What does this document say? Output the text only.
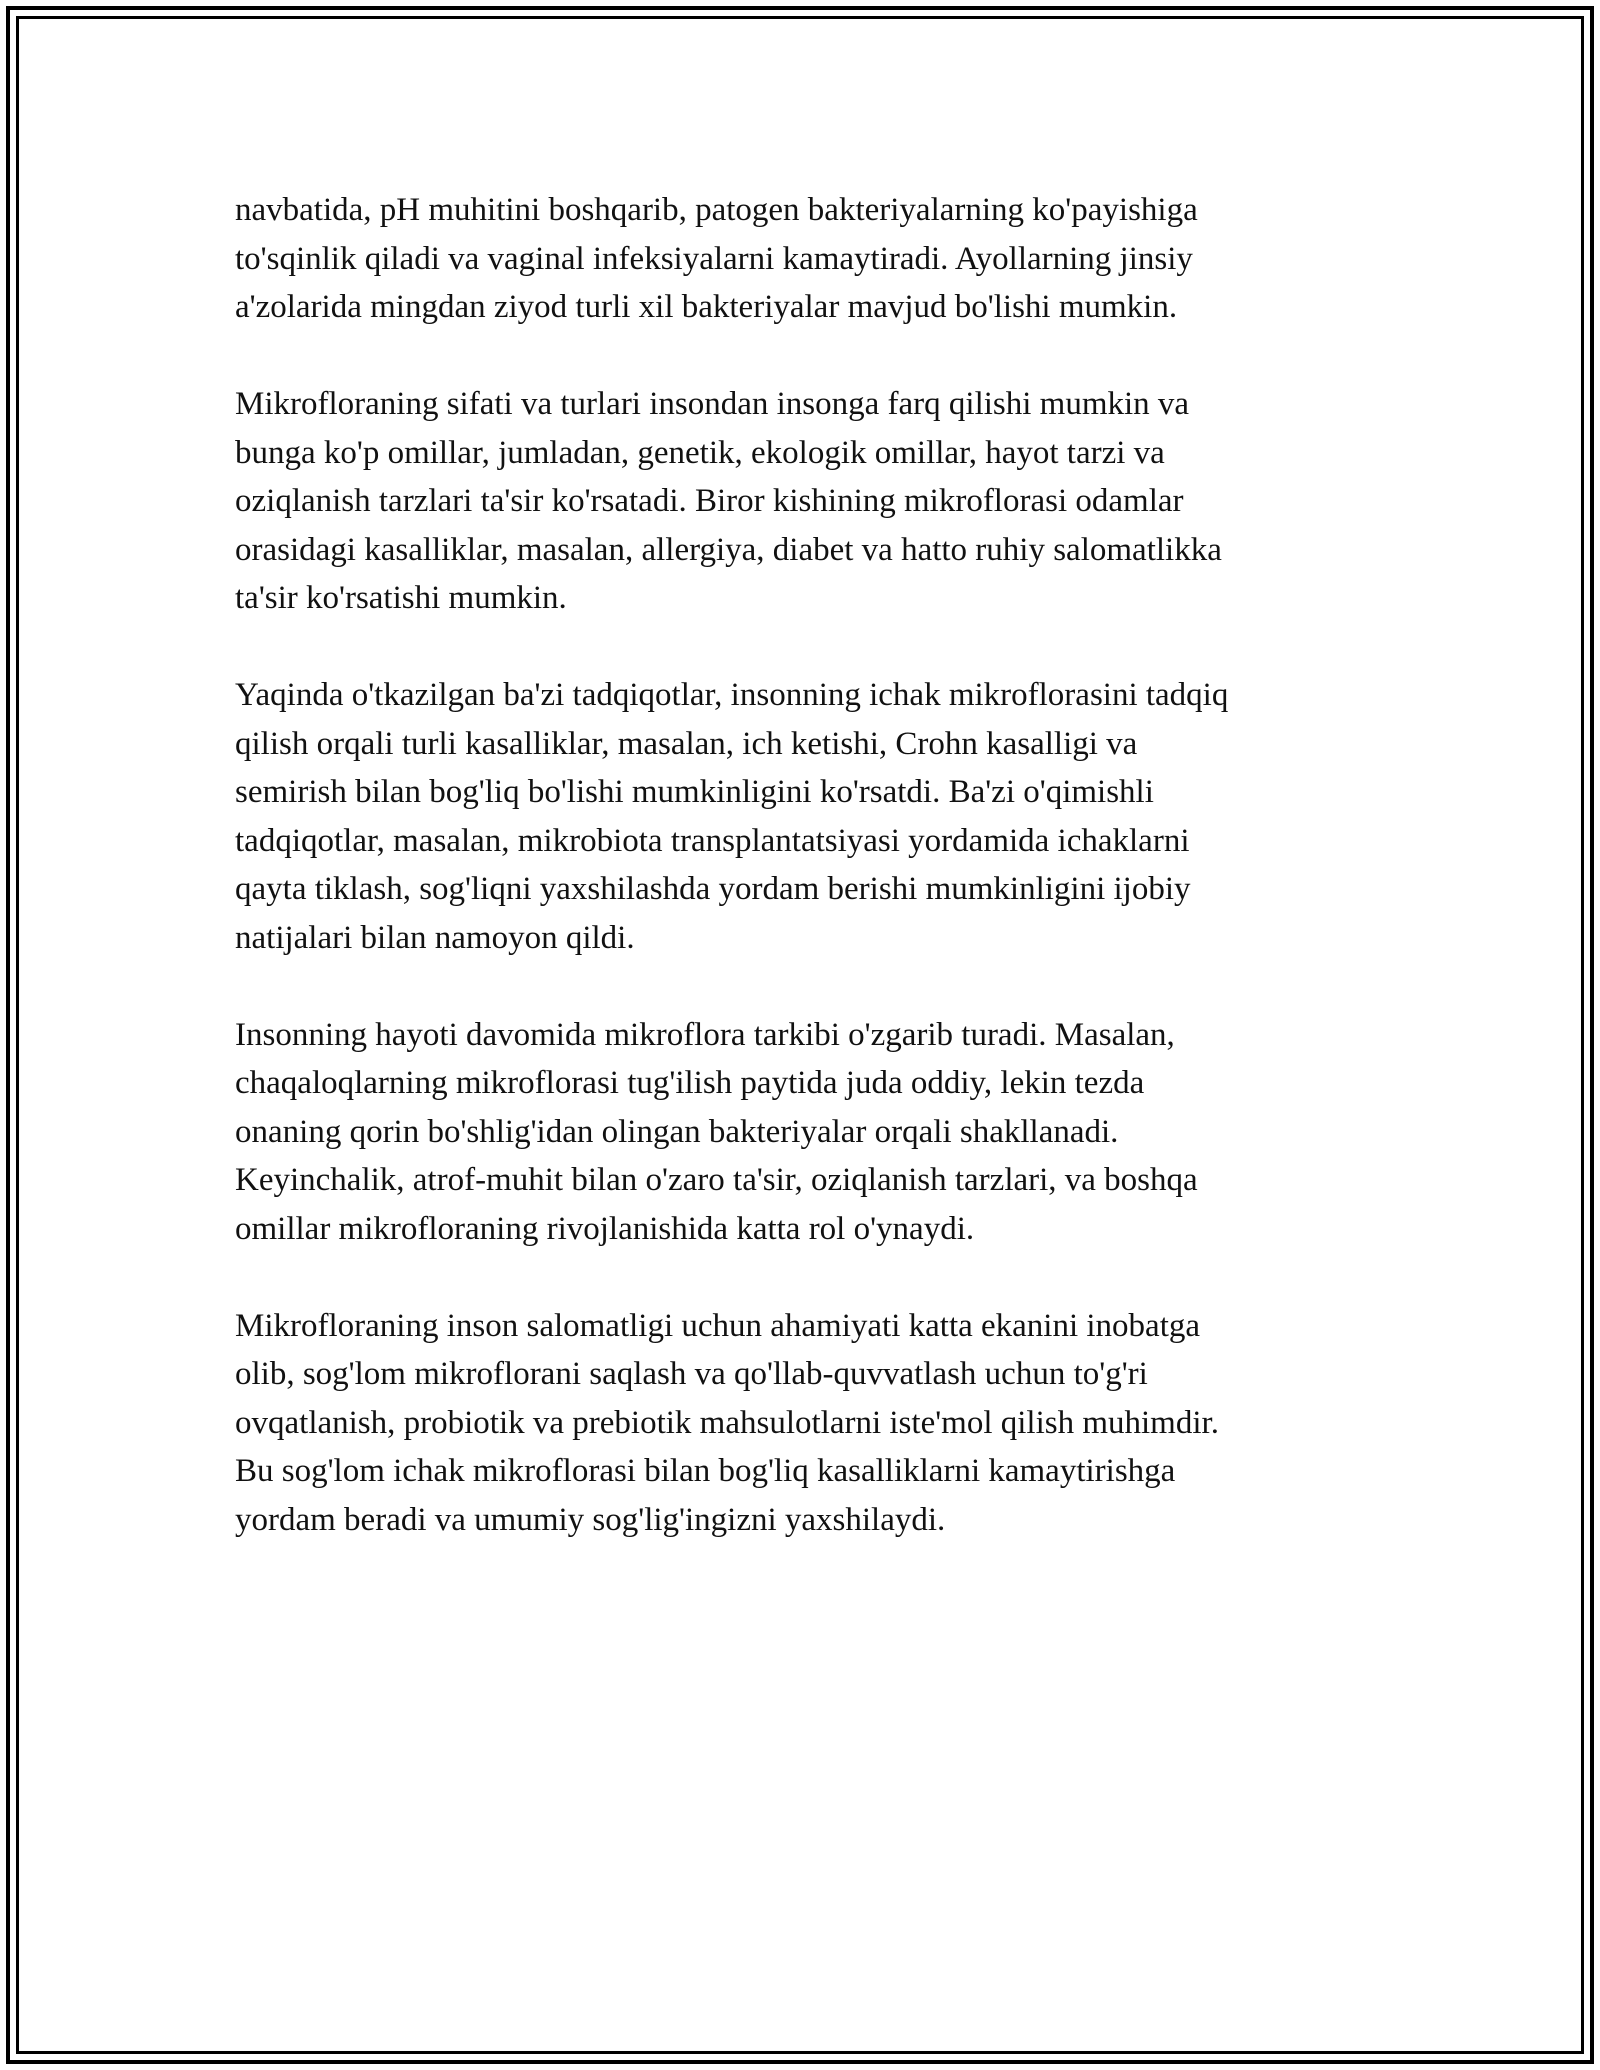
navbatida, pH muhitini boshqarib, patogen bakteriyalarning ko'payishiga
to'sqinlik qiladi va vaginal infeksiyalarni kamaytiradi. Ayollarning jinsiy
a'zolarida mingdan ziyod turli xil bakteriyalar mavjud bo'lishi mumkin.

Mikrofloraning sifati va turlari insondan insonga farq qilishi mumkin va
bunga ko'p omillar, jumladan, genetik, ekologik omillar, hayot tarzi va
oziqlanish tarzlari ta'sir ko'rsatadi. Biror kishining mikroflorasi odamlar
orasidagi kasalliklar, masalan, allergiya, diabet va hatto ruhiy salomatlikka
ta'sir ko'rsatishi mumkin.

Yaqinda o'tkazilgan ba'zi tadqiqotlar, insonning ichak mikroflorasini tadqiq
qilish orqali turli kasalliklar, masalan, ich ketishi, Crohn kasalligi va
semirish bilan bog'liq bo'lishi mumkinligini ko'rsatdi. Ba'zi o'qimishli
tadqiqotlar, masalan, mikrobiota transplantatsiyasi yordamida ichaklarni
qayta tiklash, sog'liqni yaxshilashda yordam berishi mumkinligini ijobiy
natijalari bilan namoyon qildi.

Insonning hayoti davomida mikroflora tarkibi o'zgarib turadi. Masalan,
chaqaloqlarning mikroflorasi tug'ilish paytida juda oddiy, lekin tezda
onaning qorin bo'shlig'idan olingan bakteriyalar orqali shakllanadi.
Keyinchalik, atrof-muhit bilan o'zaro ta'sir, oziqlanish tarzlari, va boshqa
omillar mikrofloraning rivojlanishida katta rol o'ynaydi.

Mikrofloraning inson salomatligi uchun ahamiyati katta ekanini inobatga
olib, sog'lom mikroflorani saqlash va qo'llab-quvvatlash uchun to'g'ri
ovqatlanish, probiotik va prebiotik mahsulotlarni iste'mol qilish muhimdir.
Bu sog'lom ichak mikroflorasi bilan bog'liq kasalliklarni kamaytirishga
yordam beradi va umumiy sog'lig'ingizni yaxshilaydi.
